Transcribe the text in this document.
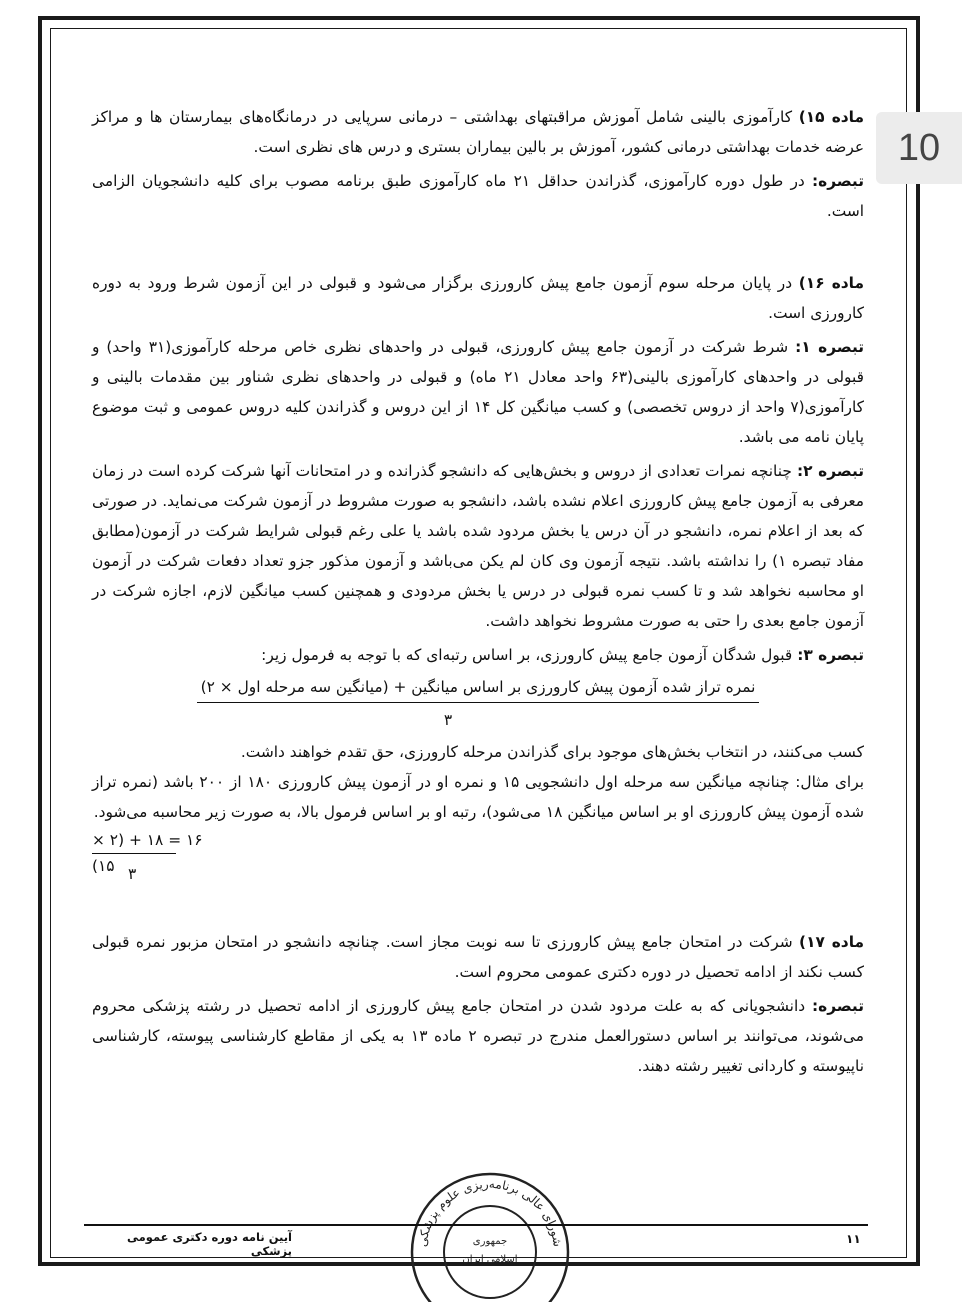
10

ماده ۱۵) کارآموزی بالینی شامل آموزش مراقبتهای بهداشتی – درمانی سرپایی در درمانگاه‌های بیمارستان ها و مراکز عرضه خدمات بهداشتی درمانی کشور، آموزش بر بالین بیماران بستری و درس های نظری است.

تبصره: در طول دوره کارآموزی، گذراندن حداقل ۲۱ ماه کارآموزی طبق برنامه مصوب برای کلیه دانشجویان الزامی است.

ماده ۱۶) در پایان مرحله سوم آزمون جامع پیش کارورزی برگزار می‌شود و قبولی در این آزمون شرط ورود به دوره کارورزی است.

تبصره ۱: شرط شرکت در آزمون جامع پیش کارورزی، قبولی در واحدهای نظری خاص مرحله کارآموزی(۳۱ واحد) و قبولی در واحدهای کارآموزی بالینی(۶۳ واحد معادل ۲۱ ماه) و قبولی در واحدهای نظری شناور بین مقدمات بالینی و کارآموزی(۷ واحد از دروس تخصصی) و کسب میانگین کل ۱۴ از این دروس و گذراندن کلیه دروس عمومی و ثبت موضوع پایان نامه می باشد.

تبصره ۲: چنانچه نمرات تعدادی از دروس و بخش‌هایی که دانشجو گذرانده و در امتحانات آنها شرکت کرده است در زمان معرفی به آزمون جامع پیش کارورزی اعلام نشده باشد، دانشجو به صورت مشروط در آزمون شرکت می‌نماید. در صورتی که بعد از اعلام نمره، دانشجو در آن درس یا بخش مردود شده باشد یا علی رغم قبولی شرایط شرکت در آزمون(مطابق مفاد تبصره ۱) را نداشته باشد. نتیجه آزمون وی کان لم یکن می‌باشد و آزمون مذکور جزو تعداد دفعات شرکت در آزمون او محاسبه نخواهد شد و تا کسب نمره قبولی در درس یا بخش مردودی و همچنین کسب میانگین لازم، اجازه شرکت در آزمون جامع بعدی را حتی به صورت مشروط نخواهد داشت.

تبصره ۳: قبول شدگان آزمون جامع پیش کارورزی، بر اساس رتبه‌ای که با توجه به فرمول زیر:

نمره تراز شده آزمون پیش کارورزی بر اساس میانگین + (میانگین سه مرحله اول × ۲)
۳

کسب می‌کنند، در انتخاب بخش‌های موجود برای گذراندن مرحله کارورزی، حق تقدم خواهند داشت.

برای مثال: چنانچه میانگین سه مرحله اول دانشجویی ۱۵ و نمره او در آزمون پیش کارورزی ۱۸۰ از ۲۰۰ باشد (نمره تراز شده آزمون پیش کارورزی او بر اساس میانگین ۱۸ می‌شود)، رتبه او بر اساس فرمول بالا، به صورت زیر محاسبه می‌شود.

۱۶ = ۱۸ + (۲ × ۱۵) ۳

ماده ۱۷) شرکت در امتحان جامع پیش کارورزی تا سه نوبت مجاز است. چنانچه دانشجو در امتحان مزبور نمره قبولی کسب نکند از ادامه تحصیل در دوره دکتری عمومی محروم است.

تبصره: دانشجویانی که به علت مردود شدن در امتحان جامع پیش کارورزی از ادامه تحصیل در رشته پزشکی محروم می‌شوند، می‌توانند بر اساس دستورالعمل مندرج در تبصره ۲ ماده ۱۳ به یکی از مقاطع کارشناسی پیوسته، کارشناسی ناپیوسته و کاردانی تغییر رشته دهند.

شورای عالی برنامه‌ریزی علوم پزشکی
جمهوری
اسلامی ایران
آیین نامه دوره دکتری عمومی پزشکی
۱۱
